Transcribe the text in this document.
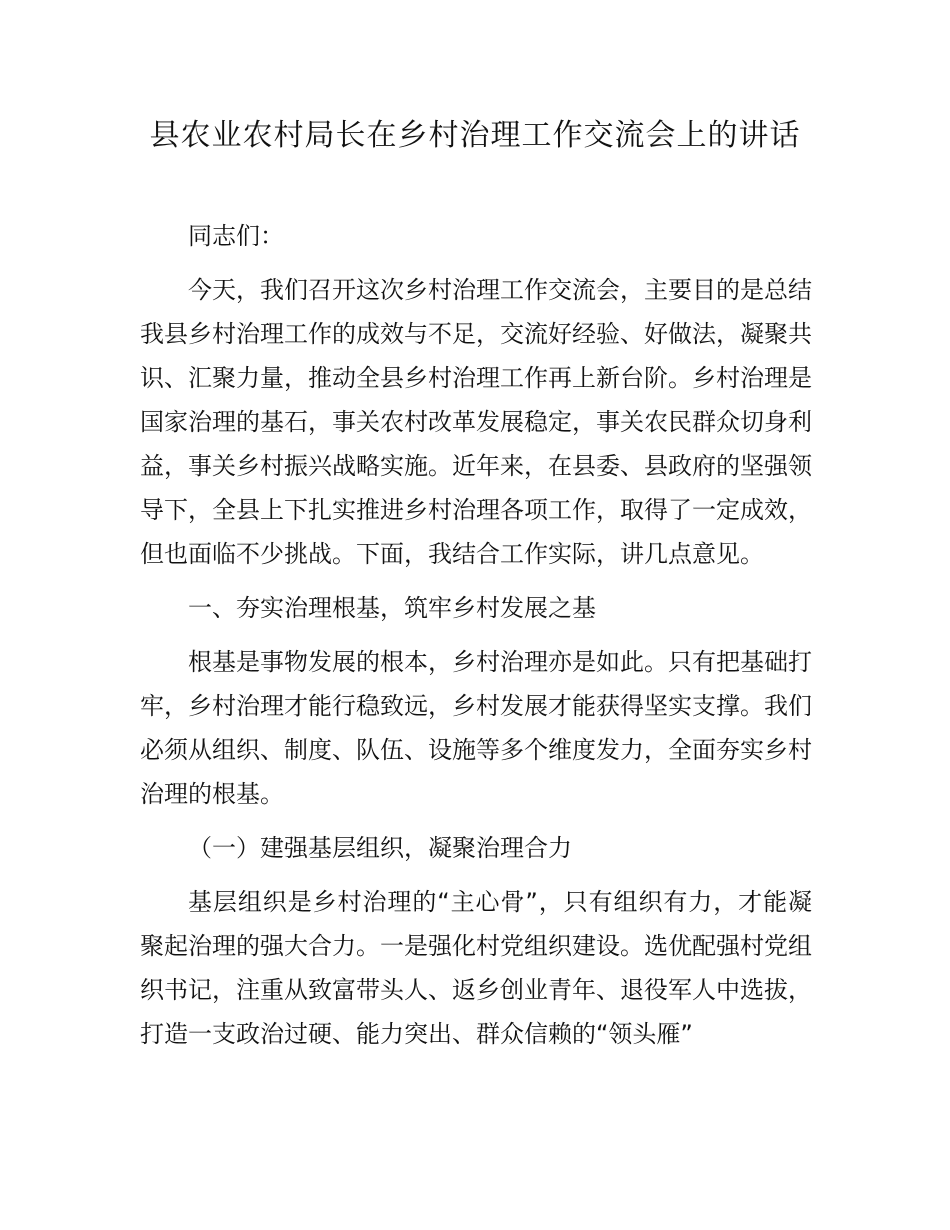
县农业农村局长在乡村治理工作交流会上的讲话

同志们：

今天，我们召开这次乡村治理工作交流会，主要目的是总结我县乡村治理工作的成效与不足，交流好经验、好做法，凝聚共识、汇聚力量，推动全县乡村治理工作再上新台阶。乡村治理是国家治理的基石，事关农村改革发展稳定，事关农民群众切身利益，事关乡村振兴战略实施。近年来，在县委、县政府的坚强领导下，全县上下扎实推进乡村治理各项工作，取得了一定成效，但也面临不少挑战。下面，我结合工作实际，讲几点意见。

一、夯实治理根基，筑牢乡村发展之基

根基是事物发展的根本，乡村治理亦是如此。只有把基础打牢，乡村治理才能行稳致远，乡村发展才能获得坚实支撑。我们必须从组织、制度、队伍、设施等多个维度发力，全面夯实乡村治理的根基。

（一）建强基层组织，凝聚治理合力

基层组织是乡村治理的“主心骨”，只有组织有力，才能凝聚起治理的强大合力。一是强化村党组织建设。选优配强村党组织书记，注重从致富带头人、返乡创业青年、退役军人中选拔，打造一支政治过硬、能力突出、群众信赖的“领头雁”
